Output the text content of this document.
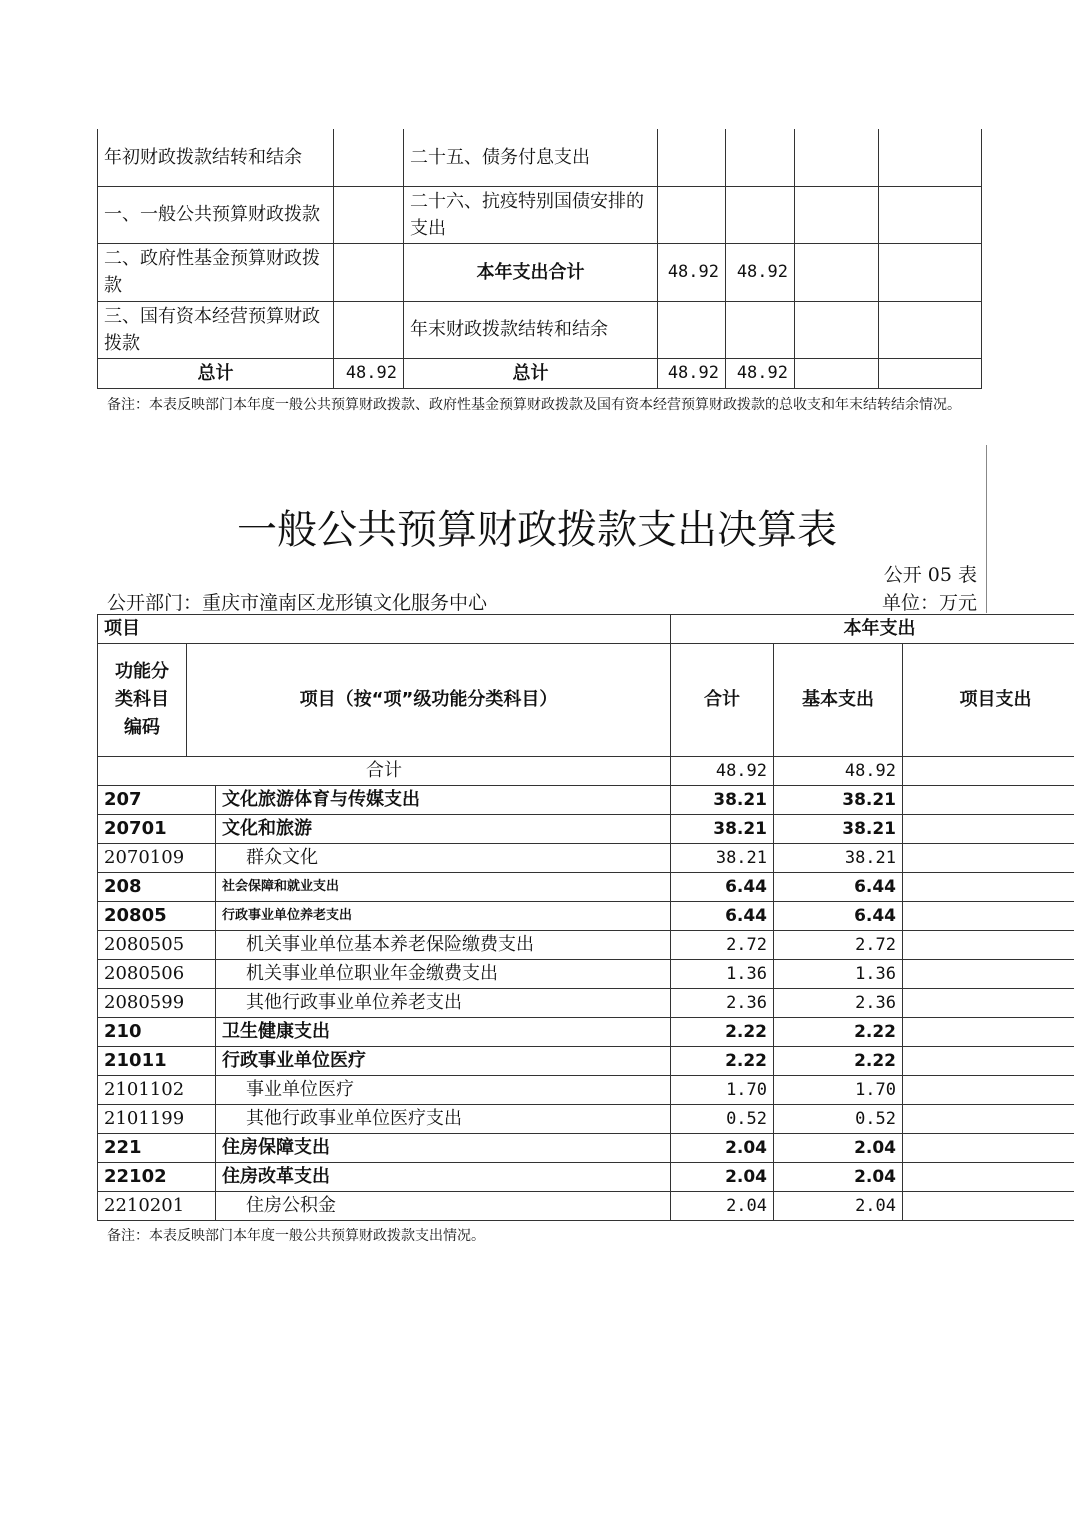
年初财政拨款结转和结余		二十五、债务付息支出				
一、一般公共预算财政拨款		二十六、抗疫特别国债安排的支出				
二、政府性基金预算财政拨款		本年支出合计	48.92	48.92		
三、国有资本经营预算财政拨款		年末财政拨款结转和结余				
总计	48.92	总计	48.92	48.92		
备注：本表反映部门本年度一般公共预算财政拨款、政府性基金预算财政拨款及国有资本经营预算财政拨款的总收支和年末结转结余情况。
一般公共预算财政拨款支出决算表
公开 05 表
公开部门：重庆市潼南区龙形镇文化服务中心	单位：万元
项目			本年支出		
功能分类科目编码	项目（按“项”级功能分类科目）		合计	基本支出	项目支出
合计			48.92	48.92	
207		文化旅游体育与传媒支出	38.21	38.21	
20701		文化和旅游	38.21	38.21	
2070109		群众文化	38.21	38.21	
208		社会保障和就业支出	6.44	6.44	
20805		行政事业单位养老支出	6.44	6.44	
2080505		机关事业单位基本养老保险缴费支出	2.72	2.72	
2080506		机关事业单位职业年金缴费支出	1.36	1.36	
2080599		其他行政事业单位养老支出	2.36	2.36	
210		卫生健康支出	2.22	2.22	
21011		行政事业单位医疗	2.22	2.22	
2101102		事业单位医疗	1.70	1.70	
2101199		其他行政事业单位医疗支出	0.52	0.52	
221		住房保障支出	2.04	2.04	
22102		住房改革支出	2.04	2.04	
2210201		住房公积金	2.04	2.04	
备注：本表反映部门本年度一般公共预算财政拨款支出情况。
